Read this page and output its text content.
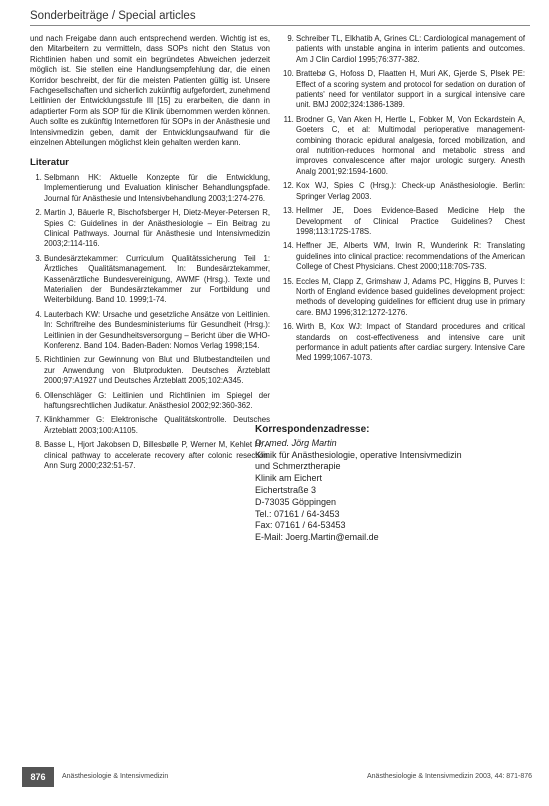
Sonderbeiträge / Special articles

und nach Freigabe dann auch entsprechend werden. Wichtig ist es, den Mitarbeitern zu vermitteln, dass SOPs nicht den Status von Richtlinien haben und somit ein begründetes Abweichen jederzeit möglich ist. Sie stellen eine Handlungsempfehlung dar, die einen Korridor beschreibt, der für die meisten Patienten gültig ist. Unsere Fachgesellschaften und sicherlich zukünftig aufgefordert, zunehmend Leitlinien der Entwicklungsstufe III [15] zu erarbeiten, die dann in adaptierter Form als SOP für die Klinik übernommen werden können. Auch sollte es zukünftig Internetforen für SOPs in der Anästhesie und Intensivmedizin geben, damit der Entwicklungsaufwand für die einzelnen Abteilungen möglichst klein gehalten werden kann.

Literatur
1. Selbmann HK: Aktuelle Konzepte für die Entwicklung, Implementierung und Evaluation klinischer Behandlungspfade. Journal für Anästhesie und Intensivbehandlung 2003;1:274-276.
2. Martin J, Bäuerle R, Bischofsberger H, Dietz-Meyer-Petersen R, Spies C: Guidelines in der Anästhesiologie – Ein Beitrag zu Clinical Pathways. Journal für Anästhesie und Intensivmedizin 2003;2:114-116.
3. Bundesärztekammer: Curriculum Qualitätssicherung Teil 1: Ärztliches Qualitätsmanagement. In: Bundesärztekammer, Kassenärztliche Bundesvereinigung, AWMF (Hrsg.). Texte und Materialien der Bundesärztekammer zur Fortbildung und Weiterbildung. Band 10. 1999;1-74.
4. Lauterbach KW: Ursache und gesetzliche Ansätze von Leitlinien. In: Schriftreihe des Bundesministeriums für Gesundheit (Hrsg.): Leitlinien in der Gesundheitsversorgung – Bericht über die WHO-Konferenz. Band 104. Baden-Baden: Nomos Verlag 1998;154.
5. Richtlinien zur Gewinnung von Blut und Blutbestandteilen und zur Anwendung von Blutprodukten. Deutsches Ärzteblatt 2000;97:A1927 und Deutsches Ärzteblatt 2005;102:A345.
6. Ollenschläger G: Leitlinien und Richtlinien im Spiegel der haftungsrechtlichen Judikatur. Anästhesiol 2002;92:360-362.
7. Klinkhammer G: Elektronische Qualitätskontrolle. Deutsches Ärzteblatt 2003;100:A1105.
8. Basse L, Hjort Jakobsen D, Billesbølle P, Werner M, Kehlet H: A clinical pathway to accelerate recovery after colonic resection. Ann Surg 2000;232:51-57.
9. Schreiber TL, Elkhatib A, Grines CL: Cardiological management of patients with unstable angina in interim patients and outcomes. Am J Clin Cardiol 1995;76:377-382.
10. Brattebø G, Hofoss D, Flaatten H, Muri AK, Gjerde S, Plsek PE: Effect of a scoring system and protocol for sedation on duration of patients' need for ventilator support in a surgical intensive care unit. BMJ 2002;324:1386-1389.
11. Brodner G, Van Aken H, Hertle L, Fobker M, Von Eckardstein A, Goeters C, et al: Multimodal perioperative management-combining thoracic epidural analgesia, forced mobilization, and oral nutrition-reduces hormonal and metabolic stress and improves convalescence after major urologic surgery. Anesth Analg 2001;92:1594-1600.
12. Kox WJ, Spies C (Hrsg.): Check-up Anästhesiologie. Berlin: Springer Verlag 2003.
13. Hellmer JE, Does Evidence-Based Medicine Help the Development of Clinical Practice Guidelines? Chest 1998;113:172S-178S.
14. Heffner JE, Alberts WM, Irwin R, Wunderink R: Translating guidelines into clinical practice: recommendations of the American College of Chest Physicians. Chest 2000;118:70S-73S.
15. Eccles M, Clapp Z, Grimshaw J, Adams PC, Higgins B, Purves I: North of England evidence based guidelines development project: methods of developing guidelines for efficient drug use in primary care. BMJ 1996;312:1272-1276.
16. Wirth B, Kox WJ: Impact of Standard procedures and critical standards on cost-effectiveness and intensive care unit performance in adult patients after cardiac surgery. Intensive Care Med 1999;1067-1073.
Korrespondenzadresse:
Dr. med. Jörg Martin
Klinik für Anästhesiologie, operative Intensivmedizin
und Schmerztherapie
Klinik am Eichert
Eichertstraße 3
D-73035 Göppingen
Tel.: 07161 / 64-3453
Fax: 07161 / 64-53453
E-Mail: Joerg.Martin@email.de
876	Anästhesiologie & Intensivmedizin	Anästhesiologie & Intensivmedizin 2003, 44: 871-876
